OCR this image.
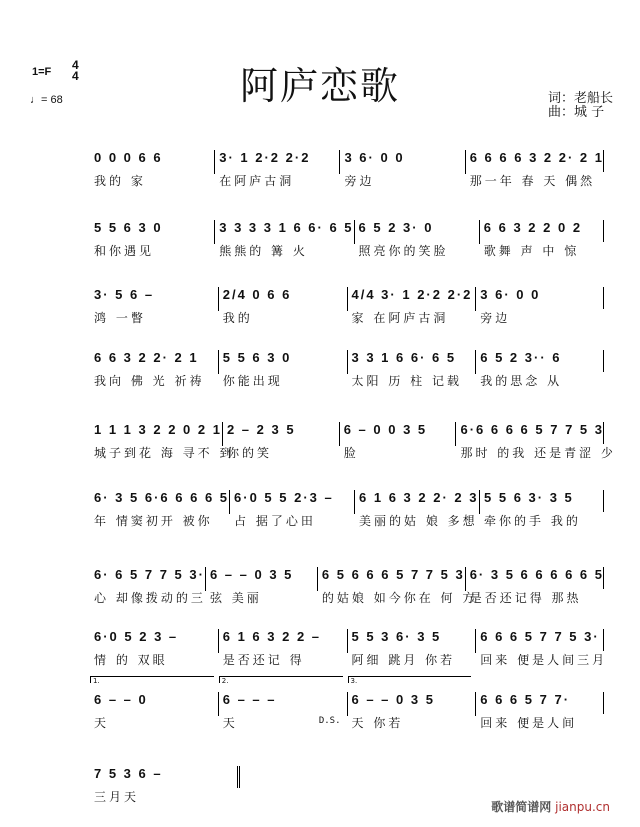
1=F 4
4
♩= 68	阿庐恋歌	词：老船长
曲：城 子
0 0 0 6 6
我的 家
3· 1 2·2 2·2
在阿庐古洞
3 6· 0 0
旁边
6 6 6 6 3 2 2· 2 1
那一年 春 天 偶然
5 5 6 3 0
和你遇见
3 3 3 3 1 6 6· 6 5
熊熊的 篝 火
6 5 2 3· 0
照亮你的笑脸
6 6 3 2 2 0 2
歌舞 声 中 惊
3· 5 6 –
鸿 一瞥
2/4 0 6 6
我的
4/4 3· 1 2·2 2·2
家 在阿庐古洞
3 6· 0 0
旁边
6 6 3 2 2· 2 1
我向 佛 光 祈祷
5 5 6 3 0
你能出现
3 3 1 6 6· 6 5
太阳 历 柱 记载
6 5 2 3·· 6
我的思念 从
1 1 1 3 2 2 0 2 1
城子到花 海 寻不 到
2 – 2 3 5
你的笑
6 – 0 0 3 5
脸
6·6 6 6 6 5 7 7 5 3
那时 的我 还是青涩 少
6· 3 5 6·6 6 6 6 5
年 情窦初开 被你
6·0 5 5 2·3 –
占 据了心田
6 1 6 3 2 2· 2 3
美丽的姑 娘 多想
5 5 6 3· 3 5
牵你的手 我的
6· 6 5 7 7 5 3·
心 却像拨动的三
6 – – 0 3 5
弦 美丽
6 5 6 6 6 5 7 7 5 3
的姑娘 如今你在 何 方
6· 3 5 6 6 6 6 6 5
是否还记得 那热
6·0 5 2 3 –
情 的 双眼
6 1 6 3 2 2 –
是否还记 得
5 5 3 6· 3 5
阿细 跳月 你若
6 6 6 5 7 7 5 3·
回来 便是人间三月
6 – – 0
天
1.
6 – – –
天
2.
D.S.
6 – – 0 3 5
天 你若
3.
6 6 6 5 7 7·
回来 便是人间
7 5 3 6 –
三月天
歌谱简谱网 jianpu.cn
